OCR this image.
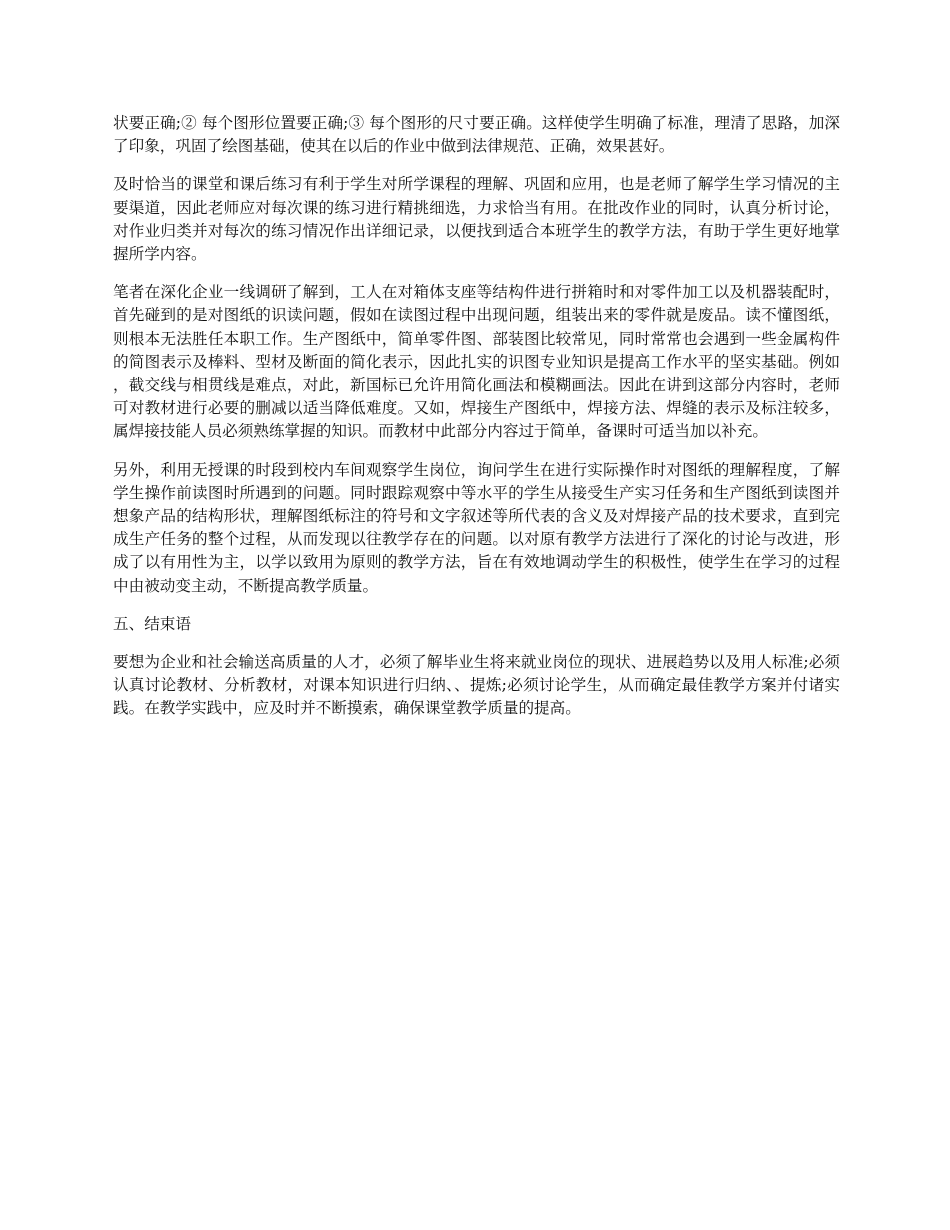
状要正确;② 每个图形位置要正确;③ 每个图形的尺寸要正确。这样使学生明确了标准，理清了思路，加深了印象，巩固了绘图基础，使其在以后的作业中做到法律规范、正确，效果甚好。

及时恰当的课堂和课后练习有利于学生对所学课程的理解、巩固和应用，也是老师了解学生学习情况的主要渠道，因此老师应对每次课的练习进行精挑细选，力求恰当有用。在批改作业的同时，认真分析讨论，对作业归类并对每次的练习情况作出详细记录，以便找到适合本班学生的教学方法，有助于学生更好地掌握所学内容。

笔者在深化企业一线调研了解到，工人在对箱体支座等结构件进行拼箱时和对零件加工以及机器装配时，首先碰到的是对图纸的识读问题，假如在读图过程中出现问题，组装出来的零件就是废品。读不懂图纸，则根本无法胜任本职工作。生产图纸中，简单零件图、部装图比较常见，同时常常也会遇到一些金属构件的简图表示及棒料、型材及断面的简化表示，因此扎实的识图专业知识是提高工作水平的坚实基础。例如，截交线与相贯线是难点，对此，新国标已允许用简化画法和模糊画法。因此在讲到这部分内容时，老师可对教材进行必要的删减以适当降低难度。又如，焊接生产图纸中，焊接方法、焊缝的表示及标注较多，属焊接技能人员必须熟练掌握的知识。而教材中此部分内容过于简单，备课时可适当加以补充。

另外，利用无授课的时段到校内车间观察学生岗位，询问学生在进行实际操作时对图纸的理解程度，了解学生操作前读图时所遇到的问题。同时跟踪观察中等水平的学生从接受生产实习任务和生产图纸到读图并想象产品的结构形状，理解图纸标注的符号和文字叙述等所代表的含义及对焊接产品的技术要求，直到完成生产任务的整个过程，从而发现以往教学存在的问题。以对原有教学方法进行了深化的讨论与改进，形成了以有用性为主，以学以致用为原则的教学方法，旨在有效地调动学生的积极性，使学生在学习的过程中由被动变主动，不断提高教学质量。

五、结束语

要想为企业和社会输送高质量的人才，必须了解毕业生将来就业岗位的现状、进展趋势以及用人标准;必须认真讨论教材、分析教材，对课本知识进行归纳、、提炼;必须讨论学生，从而确定最佳教学方案并付诸实践。在教学实践中，应及时并不断摸索，确保课堂教学质量的提高。
